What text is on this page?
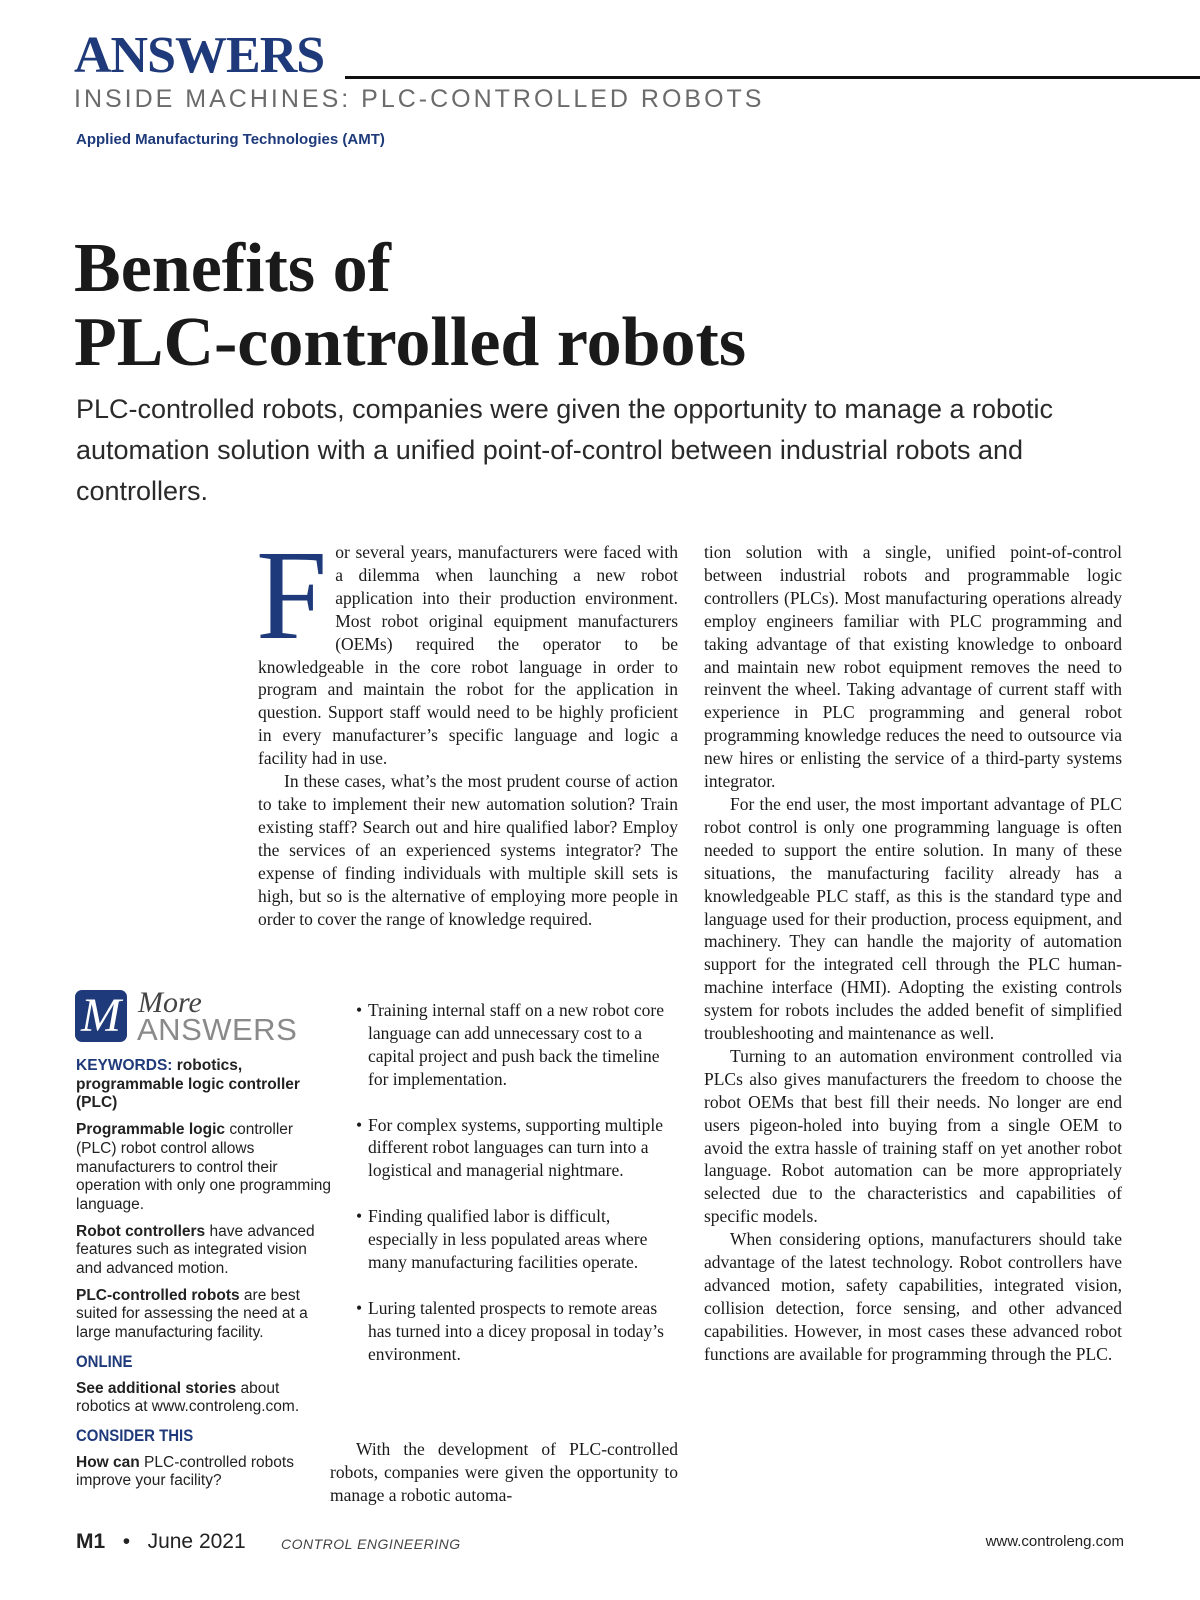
ANSWERS
INSIDE MACHINES: PLC-CONTROLLED ROBOTS
Applied Manufacturing Technologies (AMT)
Benefits of
PLC-controlled robots

PLC-controlled robots, companies were given the opportunity to manage a robotic automation solution with a unified point-of-control between industrial robots and controllers.

F or several years, manufacturers were faced with a dilemma when launching a new robot application into their production environment. Most robot original equipment manufacturers (OEMs) required the operator to be knowledgeable in the core robot language in order to program and maintain the robot for the application in question. Support staff would need to be highly proficient in every manufacturer’s specific language and logic a facility had in use.

In these cases, what’s the most prudent course of action to take to implement their new automation solution? Train existing staff? Search out and hire qualified labor? Employ the services of an experienced systems integrator? The expense of finding individuals with multiple skill sets is high, but so is the alternative of employing more people in order to cover the range of knowledge required.

• Training internal staff on a new robot core language can add unnecessary cost to a capital project and push back the timeline for implementation.
• For complex systems, supporting multiple different robot languages can turn into a logistical and managerial nightmare.
• Finding qualified labor is difficult, especially in less populated areas where many manufacturing facilities operate.
• Luring talented prospects to remote areas has turned into a dicey proposal in today’s environment.

With the development of PLC-controlled robots, companies were given the opportunity to manage a robotic automa-

tion solution with a single, unified point-of-control between industrial robots and programmable logic controllers (PLCs). Most manufacturing operations already employ engineers familiar with PLC programming and taking advantage of that existing knowledge to onboard and maintain new robot equipment removes the need to reinvent the wheel. Taking advantage of current staff with experience in PLC programming and general robot programming knowledge reduces the need to outsource via new hires or enlisting the service of a third-party systems integrator.

For the end user, the most important advantage of PLC robot control is only one programming language is often needed to support the entire solution. In many of these situations, the manufacturing facility already has a knowledgeable PLC staff, as this is the standard type and language used for their production, process equipment, and machinery. They can handle the majority of automation support for the integrated cell through the PLC human-machine interface (HMI). Adopting the existing controls system for robots includes the added benefit of simplified troubleshooting and maintenance as well.

Turning to an automation environment controlled via PLCs also gives manufacturers the freedom to choose the robot OEMs that best fill their needs. No longer are end users pigeon-holed into buying from a single OEM to avoid the extra hassle of training staff on yet another robot language. Robot automation can be more appropriately selected due to the characteristics and capabilities of specific models.

When considering options, manufacturers should take advantage of the latest technology. Robot controllers have advanced motion, safety capabilities, integrated vision, collision detection, force sensing, and other advanced capabilities. However, in most cases these advanced robot functions are available for programming through the PLC.

M More
ANSWERS

KEYWORDS: robotics, programmable logic controller (PLC)

Programmable logic controller (PLC) robot control allows manufacturers to control their operation with only one programming language.

Robot controllers have advanced features such as integrated vision and advanced motion.

PLC-controlled robots are best suited for assessing the need at a large manufacturing facility.

ONLINE

See additional stories about robotics at www.controleng.com.

CONSIDER THIS

How can PLC-controlled robots improve your facility?

M1 • June 2021	CONTROL ENGINEERING	www.controleng.com
